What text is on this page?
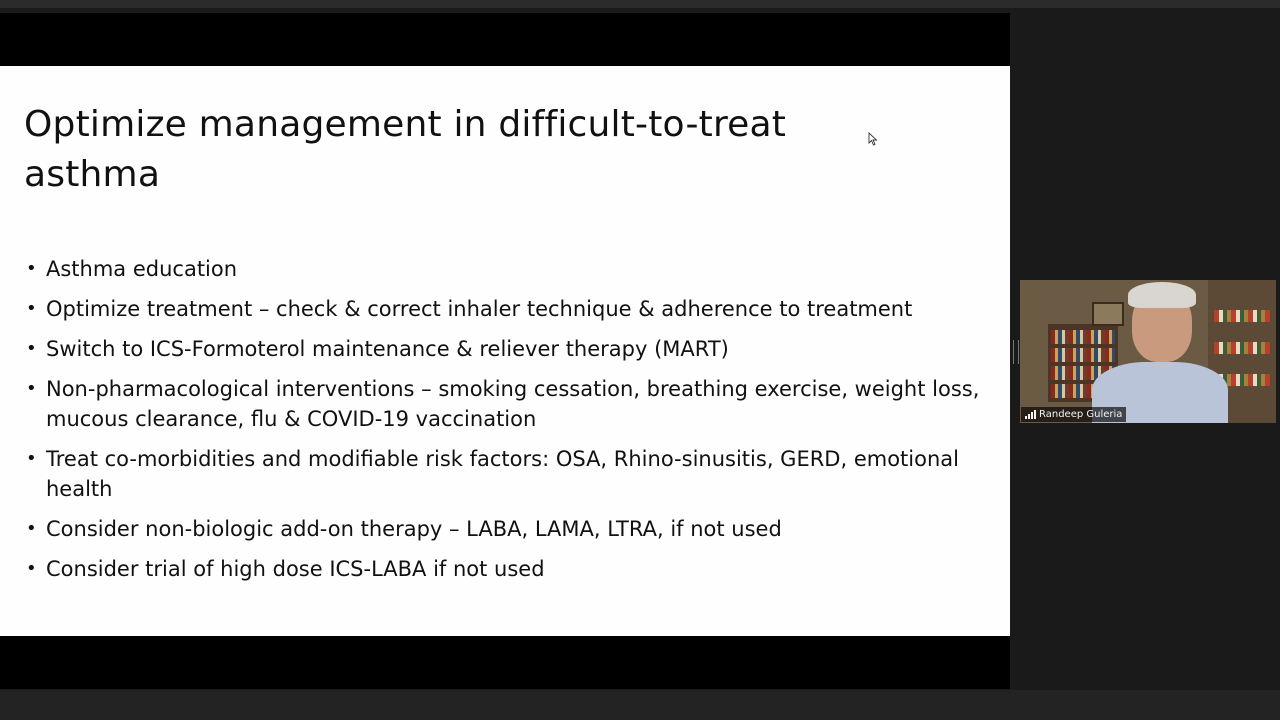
Optimize management in difficult-to-treat asthma
• Asthma education
• Optimize treatment – check & correct inhaler technique & adherence to treatment
• Switch to ICS-Formoterol maintenance & reliever therapy (MART)
• Non-pharmacological interventions – smoking cessation, breathing exercise, weight loss, mucous clearance, flu & COVID-19 vaccination
• Treat co-morbidities and modifiable risk factors: OSA, Rhino-sinusitis, GERD, emotional health
• Consider non-biologic add-on therapy – LABA, LAMA, LTRA, if not used
• Consider trial of high dose ICS-LABA if not used
Randeep Guleria
